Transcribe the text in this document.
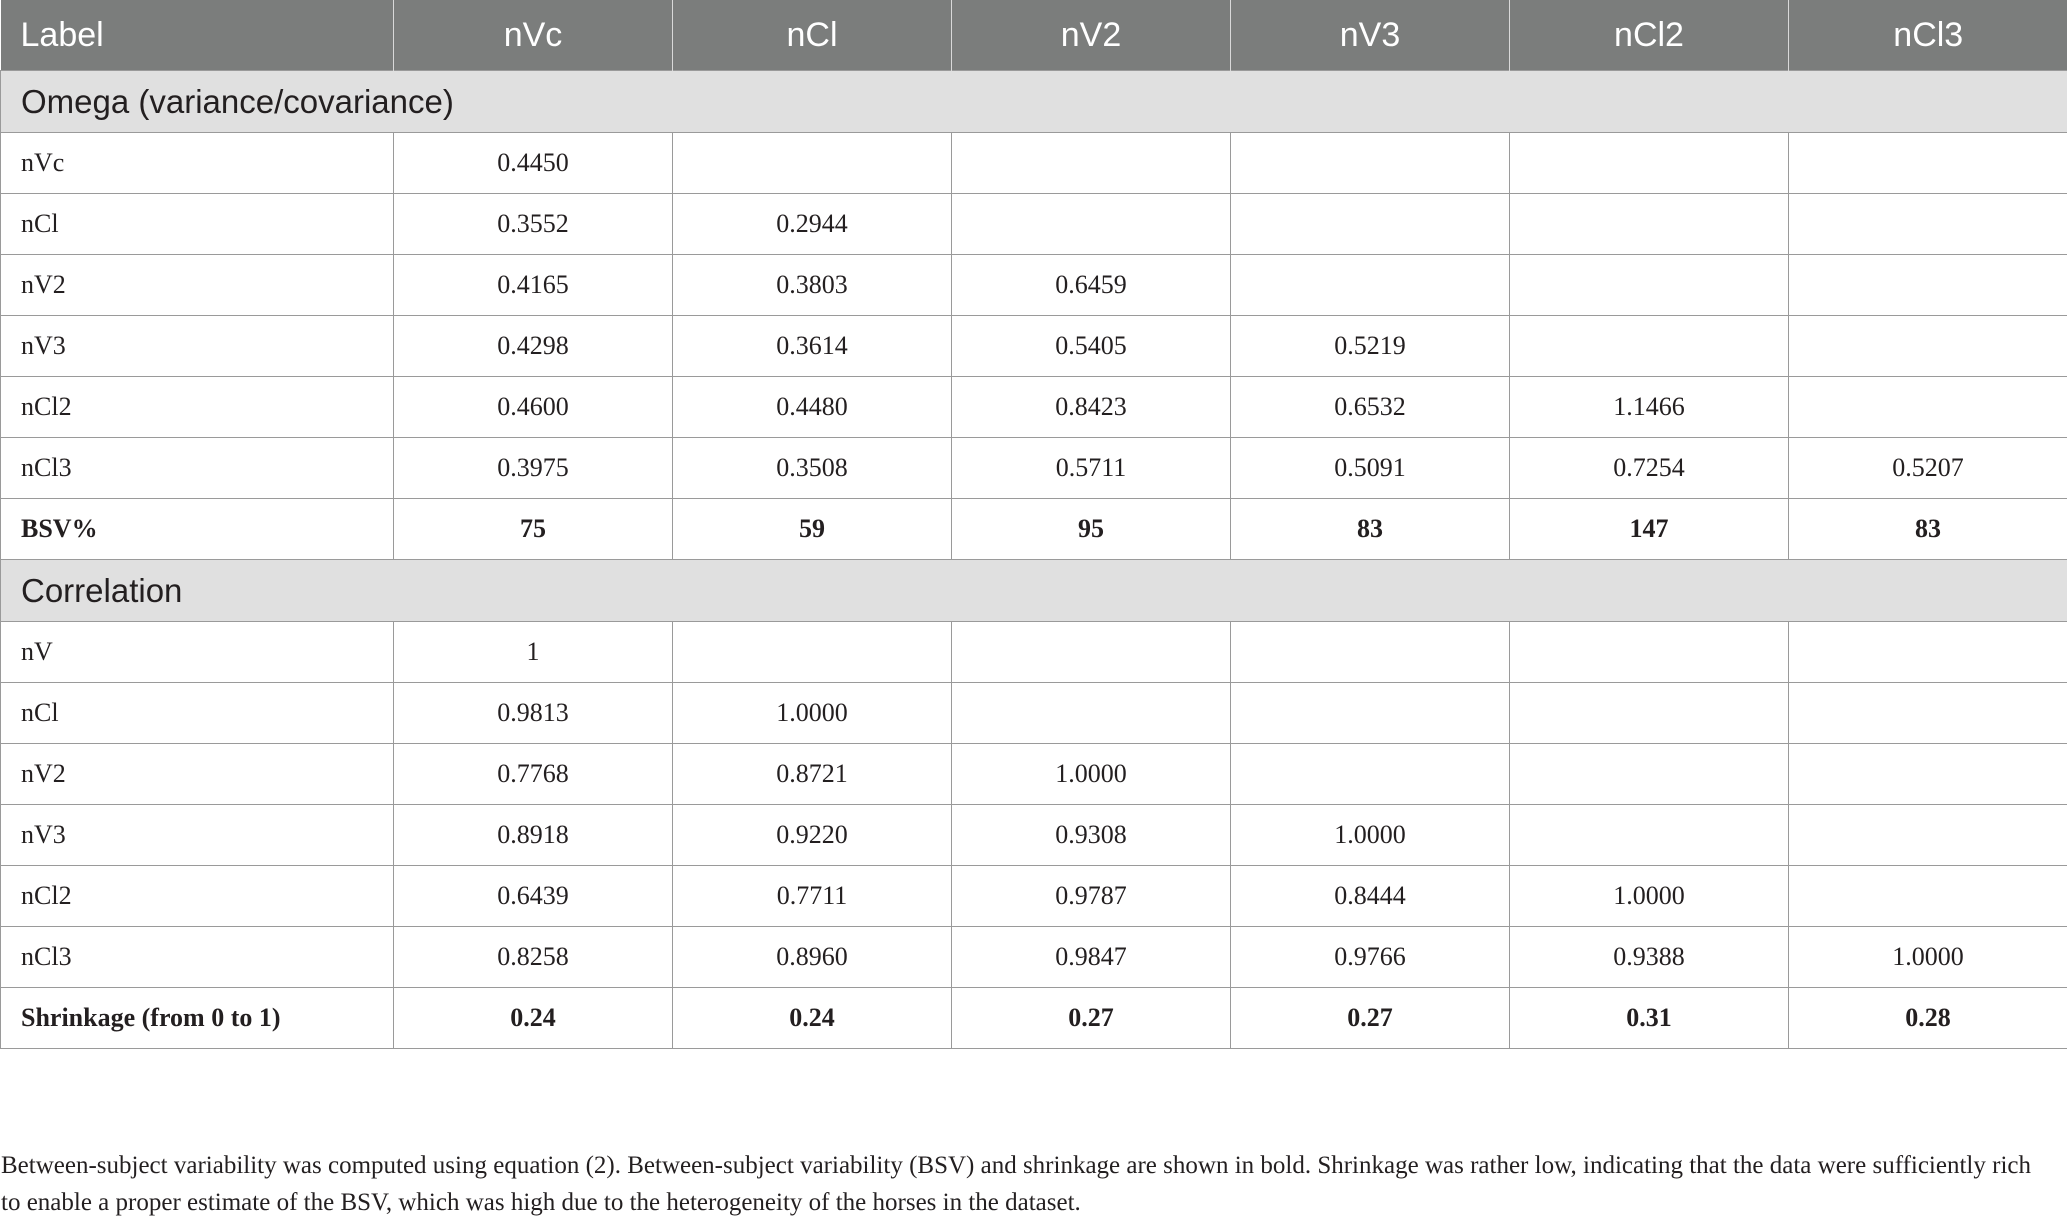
Label	nVc	nCl	nV2	nV3	nCl2	nCl3
Omega (variance/covariance)						
nVc	0.4450					
nCl	0.3552	0.2944				
nV2	0.4165	0.3803	0.6459			
nV3	0.4298	0.3614	0.5405	0.5219		
nCl2	0.4600	0.4480	0.8423	0.6532	1.1466	
nCl3	0.3975	0.3508	0.5711	0.5091	0.7254	0.5207
BSV%	75	59	95	83	147	83
Correlation						
nV	1					
nCl	0.9813	1.0000				
nV2	0.7768	0.8721	1.0000			
nV3	0.8918	0.9220	0.9308	1.0000		
nCl2	0.6439	0.7711	0.9787	0.8444	1.0000	
nCl3	0.8258	0.8960	0.9847	0.9766	0.9388	1.0000
Shrinkage (from 0 to 1)	0.24	0.24	0.27	0.27	0.31	0.28

Between-subject variability was computed using equation (2). Between-subject variability (BSV) and shrinkage are shown in bold. Shrinkage was rather low, indicating that the data were sufficiently rich to enable a proper estimate of the BSV, which was high due to the heterogeneity of the horses in the dataset.
